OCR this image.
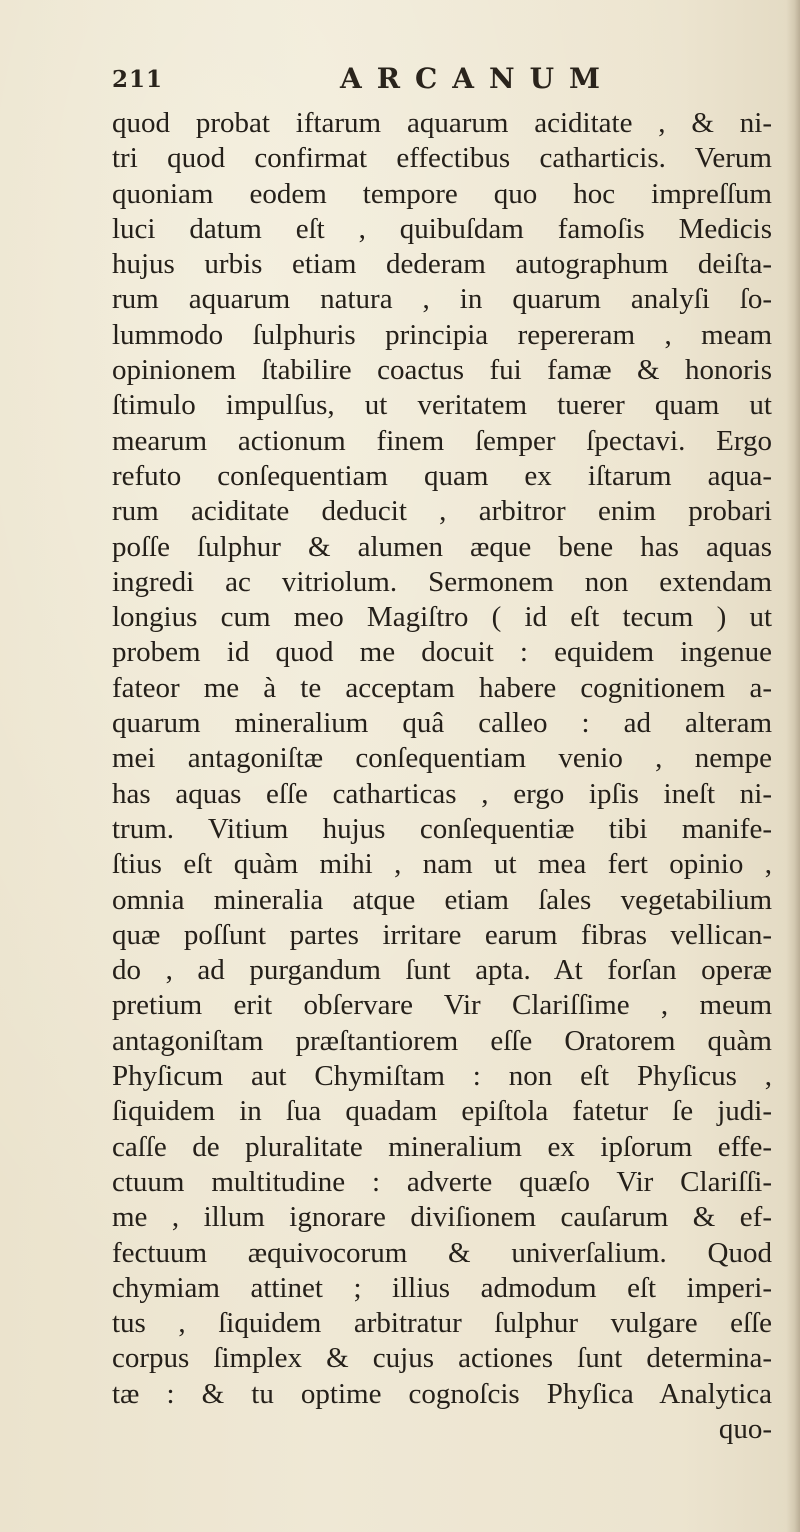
211	ARCANUM
quod probat iftarum aquarum aciditate , & ni-
tri quod confirmat effectibus catharticis. Verum
quoniam eodem tempore quo hoc impreſſum
luci datum eſt , quibuſdam famoſis Medicis
hujus urbis etiam dederam autographum deiſta-
rum aquarum natura , in quarum analyſi ſo-
lummodo ſulphuris principia repereram , meam
opinionem ſtabilire coactus fui famæ & honoris
ſtimulo impulſus, ut veritatem tuerer quam ut
mearum actionum finem ſemper ſpectavi. Ergo
refuto conſequentiam quam ex iſtarum aqua-
rum aciditate deducit , arbitror enim probari
poſſe ſulphur & alumen æque bene has aquas
ingredi ac vitriolum. Sermonem non extendam
longius cum meo Magiſtro ( id eſt tecum ) ut
probem id quod me docuit : equidem ingenue
fateor me à te acceptam habere cognitionem a-
quarum mineralium quâ calleo : ad alteram
mei antagoniſtæ conſequentiam venio , nempe
has aquas eſſe catharticas , ergo ipſis ineſt ni-
trum. Vitium hujus conſequentiæ tibi manife-
ſtius eſt quàm mihi , nam ut mea fert opinio ,
omnia mineralia atque etiam ſales vegetabilium
quæ poſſunt partes irritare earum fibras vellican-
do , ad purgandum ſunt apta. At forſan operæ
pretium erit obſervare Vir Clariſſime , meum
antagoniſtam præſtantiorem eſſe Oratorem quàm
Phyſicum aut Chymiſtam : non eſt Phyſicus ,
ſiquidem in ſua quadam epiſtola fatetur ſe judi-
caſſe de pluralitate mineralium ex ipſorum effe-
ctuum multitudine : adverte quæſo Vir Clariſſi-
me , illum ignorare diviſionem cauſarum & ef-
fectuum æquivocorum & univerſalium. Quod
chymiam attinet ; illius admodum eſt imperi-
tus , ſiquidem arbitratur ſulphur vulgare eſſe
corpus ſimplex & cujus actiones ſunt determina-
tæ : & tu optime cognoſcis Phyſica Analytica
quo-
